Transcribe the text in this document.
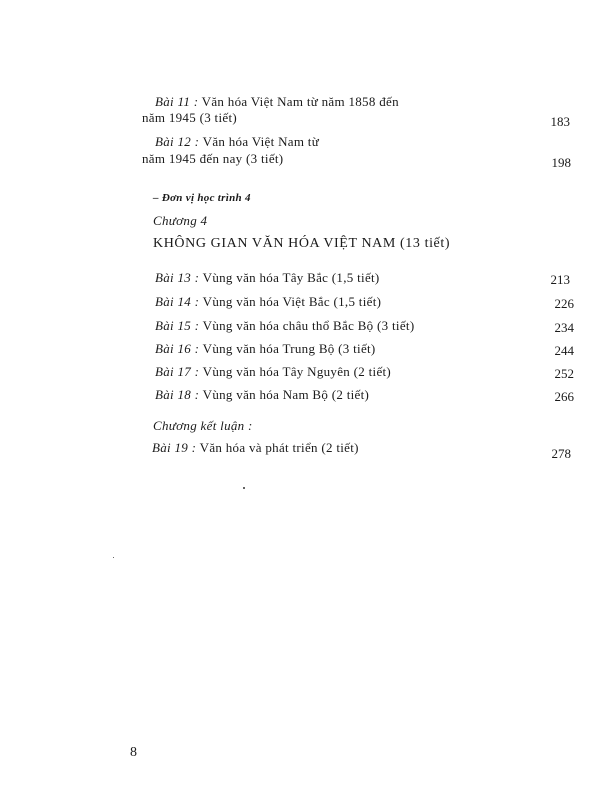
Bài 11 : Văn hóa Việt Nam từ năm 1858 đến
năm 1945 (3 tiết)	183
Bài 12 : Văn hóa Việt Nam từ
năm 1945 đến nay (3 tiết)	198
– Đơn vị học trình 4
Chương 4
KHÔNG GIAN VĂN HÓA VIỆT NAM (13 tiết)
Bài 13 : Vùng văn hóa Tây Bắc (1,5 tiết)	213
Bài 14 : Vùng văn hóa Việt Bắc (1,5 tiết)	226
Bài 15 : Vùng văn hóa châu thổ Bắc Bộ (3 tiết)	234
Bài 16 : Vùng văn hóa Trung Bộ (3 tiết)	244
Bài 17 : Vùng văn hóa Tây Nguyên (2 tiết)	252
Bài 18 : Vùng văn hóa Nam Bộ (2 tiết)	266
Chương kết luận :
Bài 19 : Văn hóa và phát triển (2 tiết)	278
8
